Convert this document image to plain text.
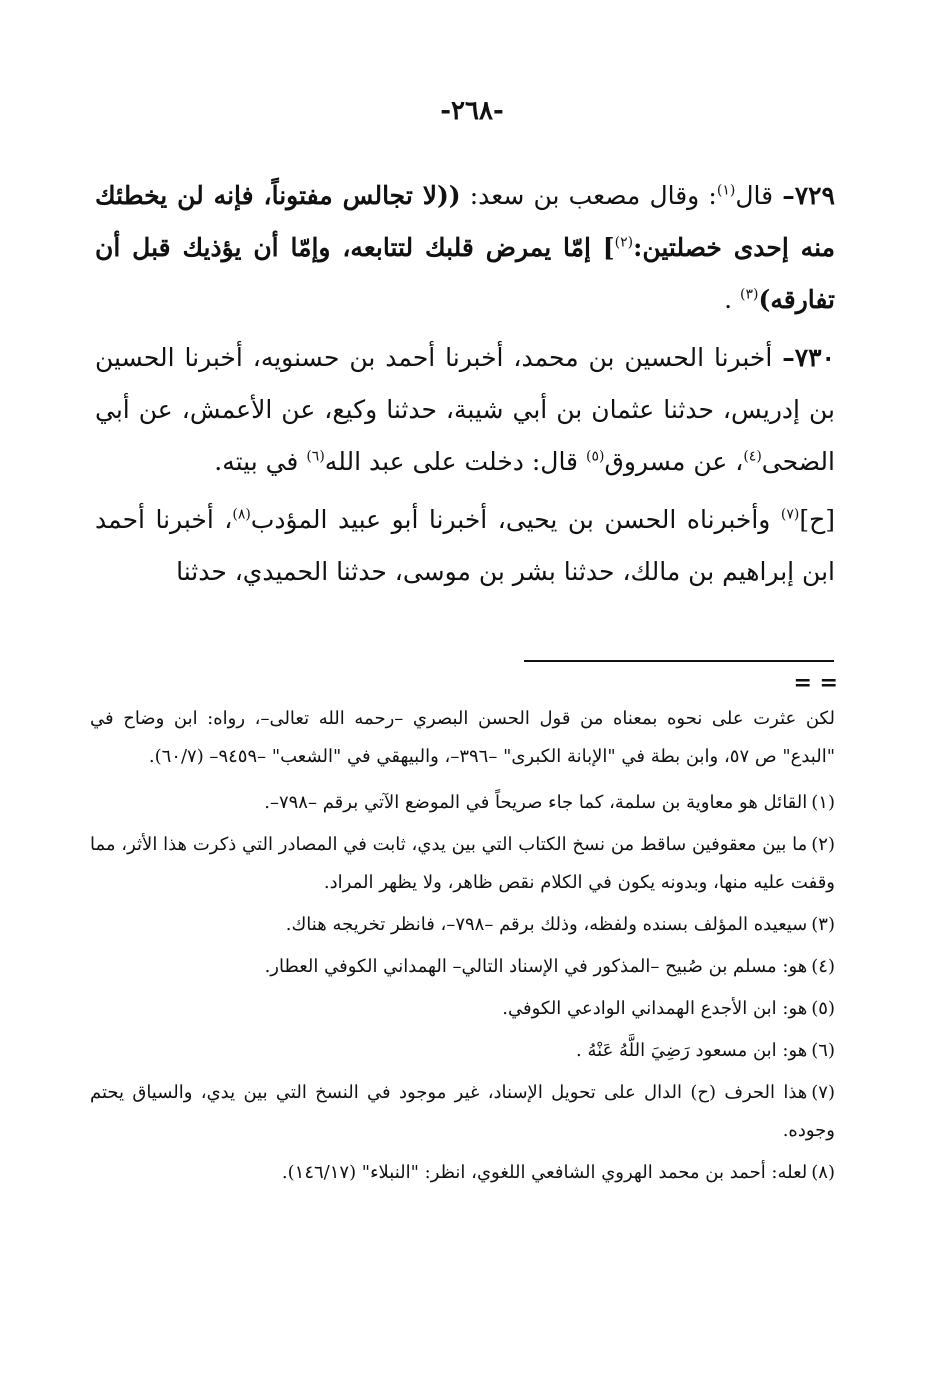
-٢٦٨-

٧٢٩– قال$^{(١)}$: وقال مصعب بن سعد: ((لا تجالس مفتوناً، فإنه لن يخطئك منه إحدى خصلتين:$^{(٢)}$] إمّا يمرض قلبك لتتابعه، وإمّا أن يؤذيك قبل أن تفارقه)$^{(٣)}$ .

٧٣٠– أخبرنا الحسين بن محمد، أخبرنا أحمد بن حسنويه، أخبرنا الحسين بن إدريس، حدثنا عثمان بن أبي شيبة، حدثنا وكيع، عن الأعمش، عن أبي الضحى$^{(٤)}$، عن مسروق$^{(٥)}$ قال: دخلت على عبد الله$^{(٦)}$ في بيته.

[ح]$^{(٧)}$ وأخبرناه الحسن بن يحيى، أخبرنا أبو عبيد المؤدب$^{(٨)}$، أخبرنا أحمد ابن إبراهيم بن مالك، حدثنا بشر بن موسى، حدثنا الحميدي، حدثنا

= =

لكن عثرت على نحوه بمعناه من قول الحسن البصري –رحمه الله تعالى–، رواه: ابن وضاح في "البدع" ص ٥٧، وابن بطة في "الإبانة الكبرى" –٣٩٦–، والبيهقي في "الشعب" –٩٤٥٩– (٦٠/٧).

(١)القائل هو معاوية بن سلمة، كما جاء صريحاً في الموضع الآتي برقم –٧٩٨–.

(٢)ما بين معقوفين ساقط من نسخ الكتاب التي بين يدي، ثابت في المصادر التي ذكرت هذا الأثر، مما وقفت عليه منها، وبدونه يكون في الكلام نقص ظاهر، ولا يظهر المراد.

(٣)سيعيده المؤلف بسنده ولفظه، وذلك برقم –٧٩٨–، فانظر تخريجه هناك.

(٤)هو: مسلم بن صُبيح –المذكور في الإسناد التالي– الهمداني الكوفي العطار.

(٥)هو: ابن الأجدع الهمداني الوادعي الكوفي.

(٦)هو: ابن مسعود رَضِيَ اللَّهُ عَنْهُ .

(٧)هذا الحرف (ح) الدال على تحويل الإسناد، غير موجود في النسخ التي بين يدي، والسياق يحتم وجوده.

(٨)لعله: أحمد بن محمد الهروي الشافعي اللغوي، انظر: "النبلاء" (١٤٦/١٧).
